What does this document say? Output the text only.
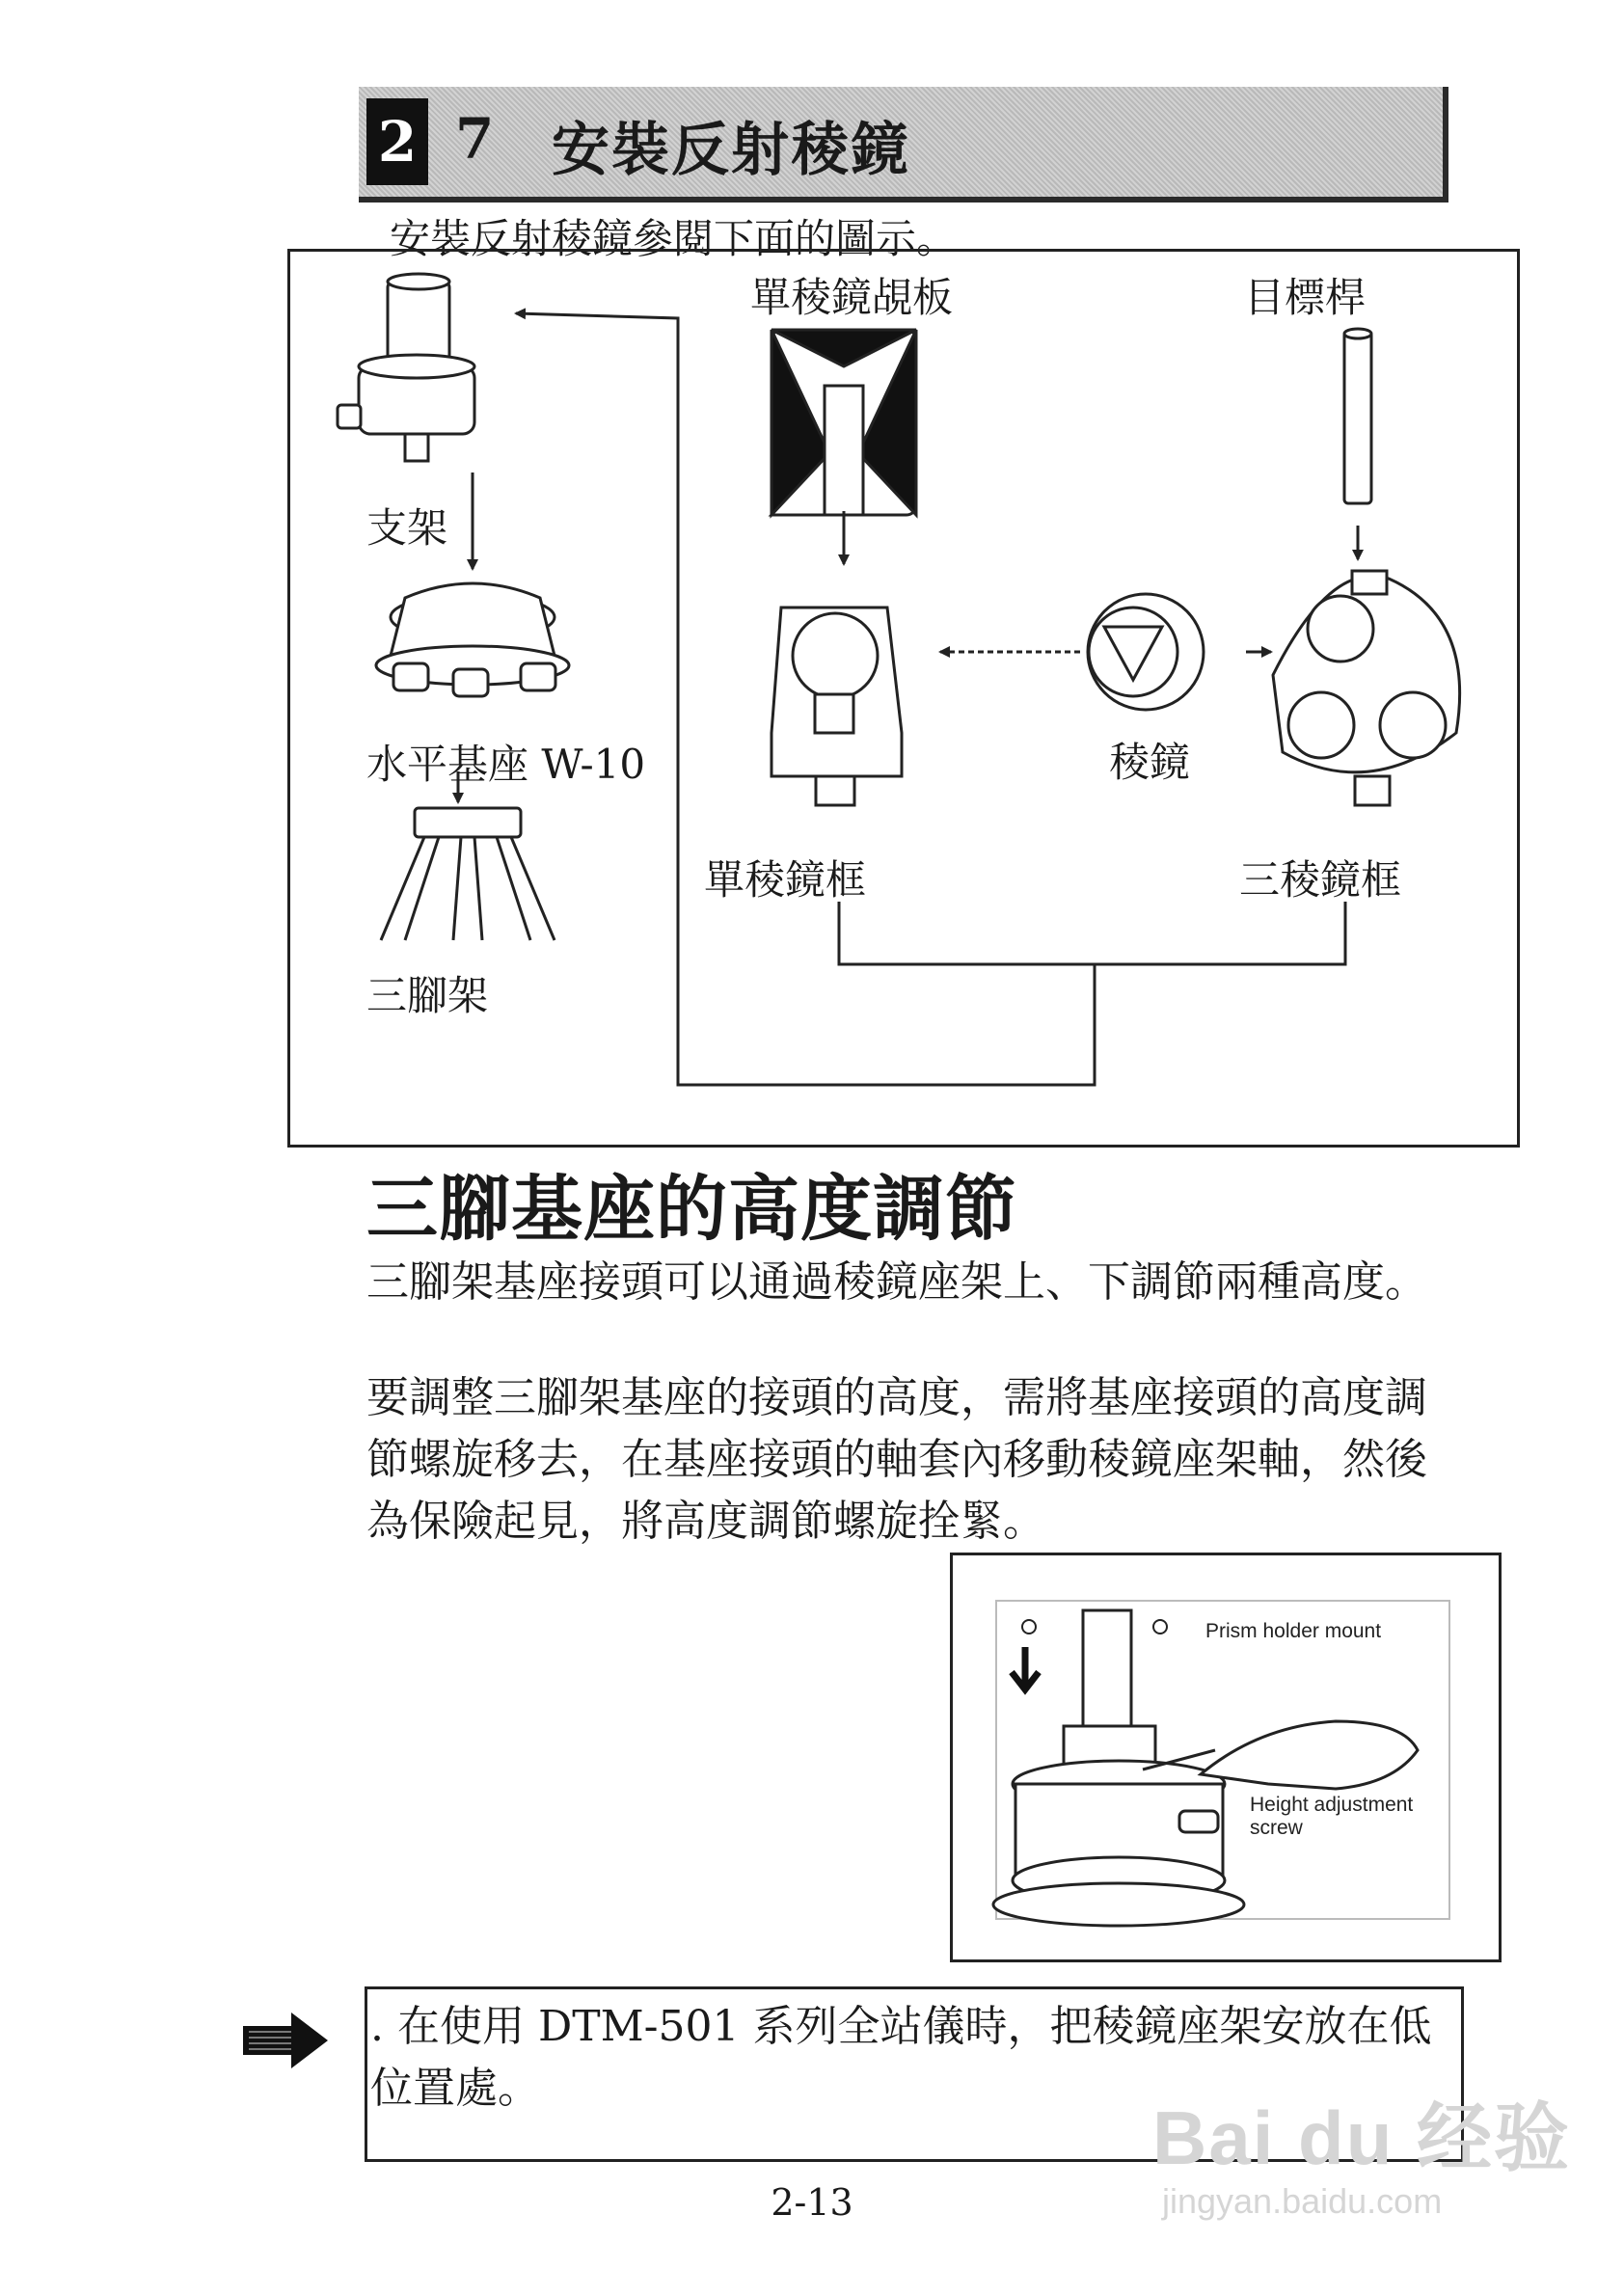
2 7 安裝反射稜鏡
安裝反射稜鏡參閱下面的圖示。
單稜鏡覘板	目標桿
支架
水平基座 W-10
三腳架
稜鏡
單稜鏡框	三稜鏡框
三腳基座的高度調節
三腳架基座接頭可以通過稜鏡座架上、下調節兩種高度。
要調整三腳架基座的接頭的高度，需將基座接頭的高度調節螺旋移去，在基座接頭的軸套內移動稜鏡座架軸，然後為保險起見，將高度調節螺旋拴緊。
Prism holder mount
Height adjustment
screw
. 在使用 DTM-501 系列全站儀時，把稜鏡座架安放在低位置處。
Bai du 经验
jingyan.baidu.com
2-13
